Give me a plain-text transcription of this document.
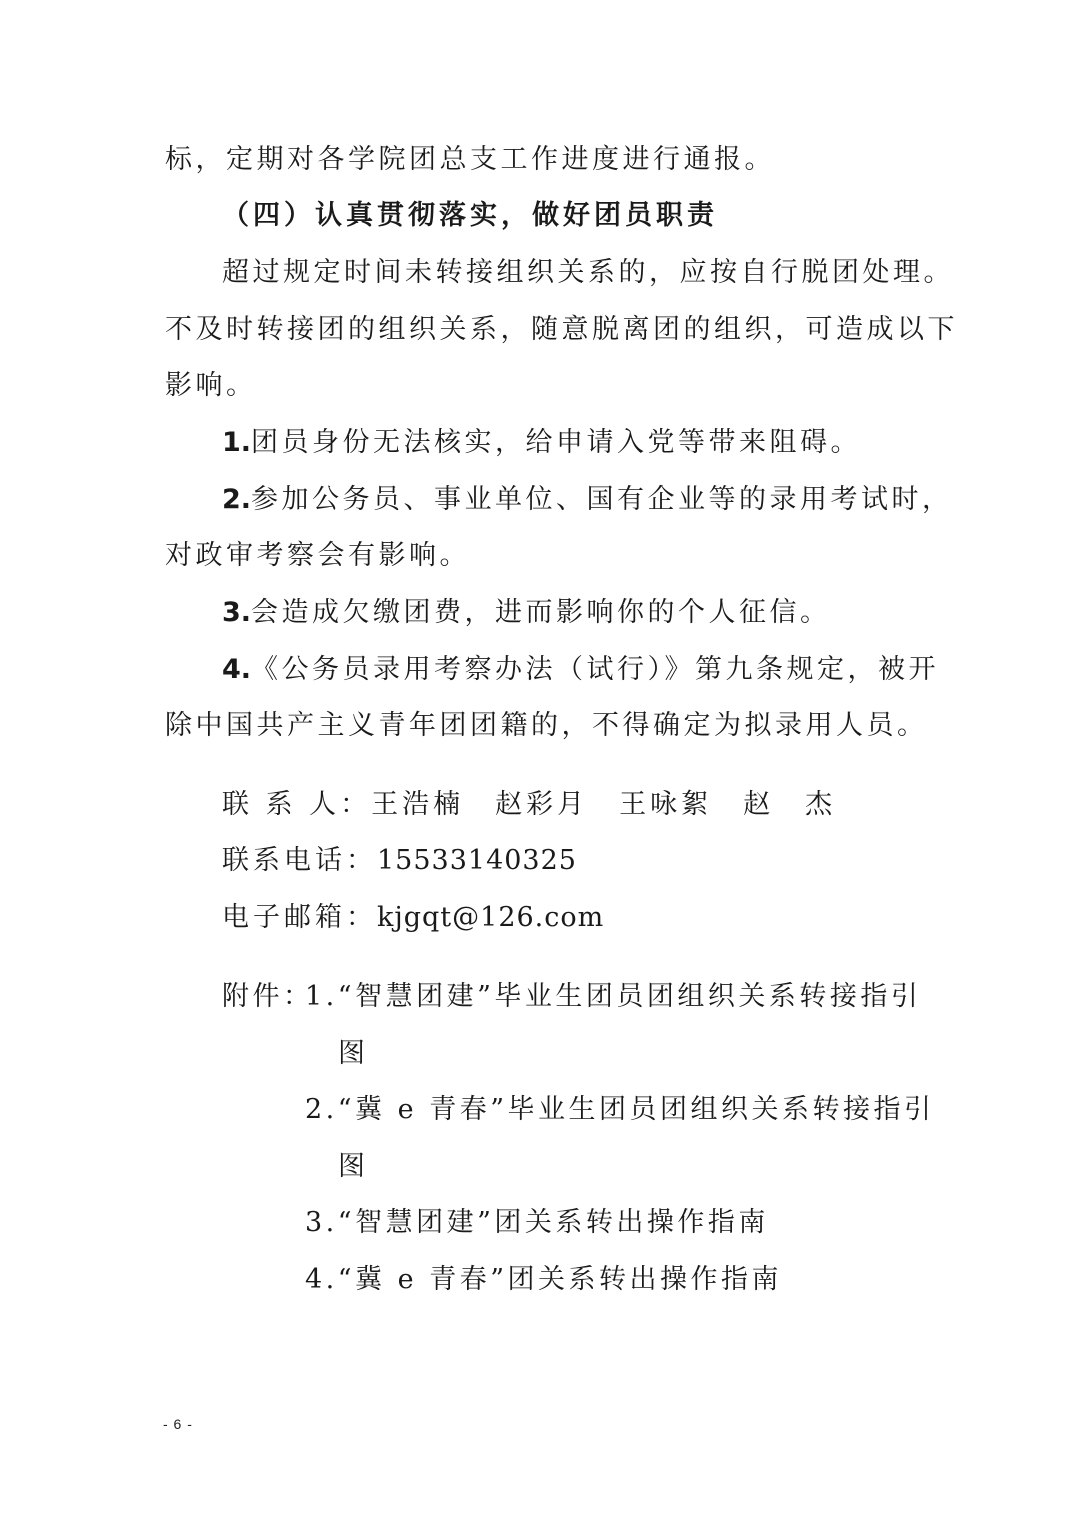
标，定期对各学院团总支工作进度进行通报。
（四）认真贯彻落实，做好团员职责
超过规定时间未转接组织关系的，应按自行脱团处理。
不及时转接团的组织关系，随意脱离团的组织，可造成以下
影响。
1.团员身份无法核实，给申请入党等带来阻碍。
2.参加公务员、事业单位、国有企业等的录用考试时，
对政审考察会有影响。
3.会造成欠缴团费，进而影响你的个人征信。
4.《公务员录用考察办法（试行）》第九条规定，被开
除中国共产主义青年团团籍的，不得确定为拟录用人员。
联 系 人：王浩楠　赵彩月　王咏絮　赵　杰
联系电话：15533140325
电子邮箱：kjgqt@126.com
附件：
1.“智慧团建”毕业生团员团组织关系转接指引
图
2.“冀 e 青春”毕业生团员团组织关系转接指引
图
3.“智慧团建”团关系转出操作指南
4.“冀 e 青春”团关系转出操作指南
- 6 -
